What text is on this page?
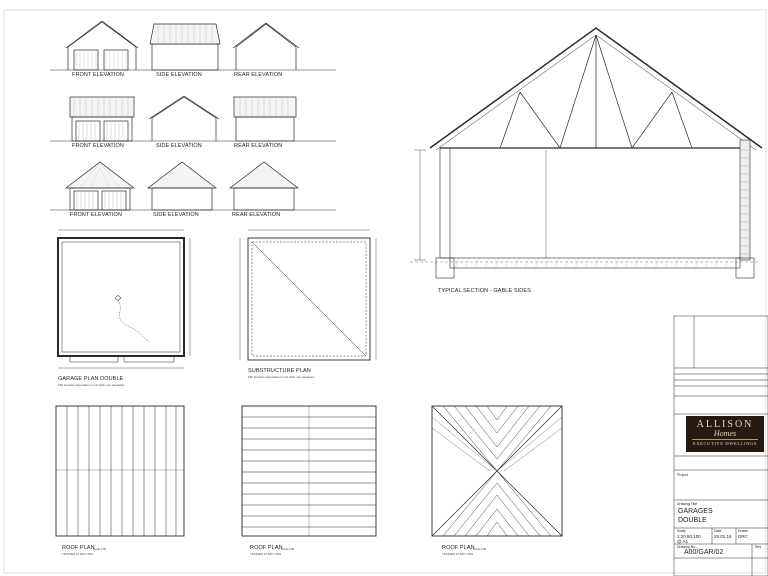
FRONT ELEVATION	SIDE ELEVATION	REAR ELEVATION
FRONT ELEVATION	SIDE ELEVATION	REAR ELEVATION
FRONT ELEVATION	SIDE ELEVATION	REAR ELEVATION
GARAGE PLAN DOUBLE
FFF structure dependant on roof pitch, see elevations
SUBSTRUCTURE PLAN
FFF structure dependant on roof pitch, see elevations
TYPICAL SECTION - GABLE SIDES
ROOF PLAN
Scale 1:50
TRUSSES AT 600 CTRS
ROOF PLAN
Scale 1:50
TRUSSES AT 600 CTRS
ROOF PLAN
Scale 1:50
TRUSSES AT 600 CTRS
ALLISON
Homes
EXECUTIVE DWELLINGS
Project
Drawing Title
GARAGES
DOUBLE
Scale
1:20 50,100
@ A1
Date
28.01.16
Drawn
DRC
Drawing No
A00/GAR/02
Rev
